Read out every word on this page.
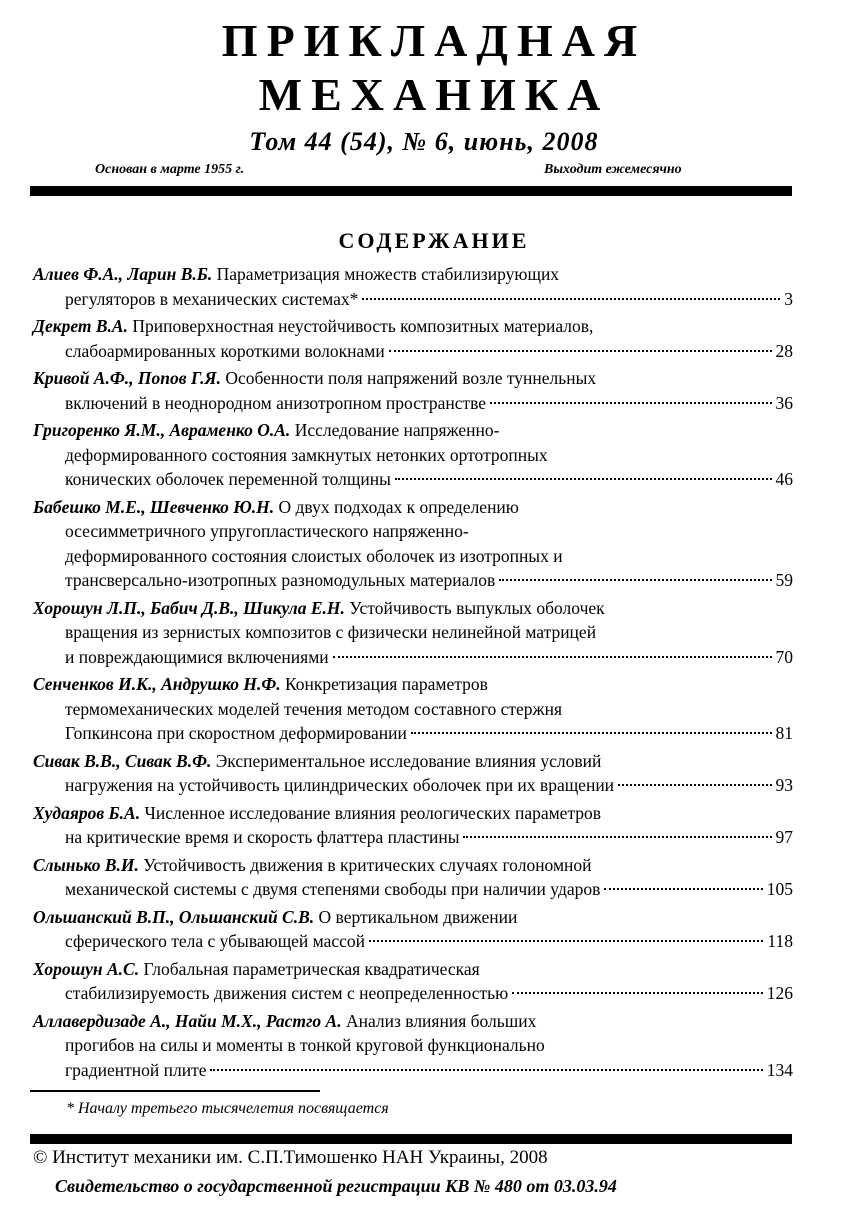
ПРИКЛАДНАЯ
МЕХАНИКА
Том 44 (54), № 6, июнь, 2008
Основан в марте 1955 г.	Выходит ежемесячно
СОДЕРЖАНИЕ
Алиев Ф.А., Ларин В.Б. Параметризация множеств стабилизирующих
регуляторов в механических системах*	3
Декрет В.А. Приповерхностная неустойчивость композитных материалов,
слабоармированных короткими волокнами	28
Кривой А.Ф., Попов Г.Я. Особенности поля напряжений возле туннельных
включений в неоднородном анизотропном пространстве	36
Григоренко Я.М., Авраменко О.А. Исследование напряженно-
деформированного состояния замкнутых нетонких ортотропных
конических оболочек переменной толщины	46
Бабешко М.Е., Шевченко Ю.Н. О двух подходах к определению
осесимметричного упругопластического напряженно-
деформированного состояния слоистых оболочек из изотропных и
трансверсально-изотропных разномодульных материалов	59
Хорошун Л.П., Бабич Д.В., Шикула Е.Н. Устойчивость выпуклых оболочек
вращения из зернистых композитов с физически нелинейной матрицей
и повреждающимися включениями	70
Сенченков И.К., Андрушко Н.Ф. Конкретизация параметров
термомеханических моделей течения методом составного стержня
Гопкинсона при скоростном деформировании	81
Сивак В.В., Сивак В.Ф. Экспериментальное исследование влияния условий
нагружения на устойчивость цилиндрических оболочек при их вращении	93
Худаяров Б.А. Численное исследование влияния реологических параметров
на критические время и скорость флаттера пластины	97
Слынько В.И. Устойчивость движения в критических случаях голономной
механической системы с двумя степенями свободы при наличии ударов	105
Ольшанский В.П., Ольшанский С.В. О вертикальном движении
сферического тела с убывающей массой	118
Хорошун А.С. Глобальная параметрическая квадратическая
стабилизируемость движения систем с неопределенностью	126
Аллавердизаде А., Найи М.Х., Растго А. Анализ влияния больших
прогибов на силы и моменты в тонкой круговой функционально
градиентной плите	134
* Началу третьего тысячелетия посвящается
© Институт механики им. С.П.Тимошенко НАН Украины, 2008
Свидетельство о государственной регистрации КВ № 480 от 03.03.94
